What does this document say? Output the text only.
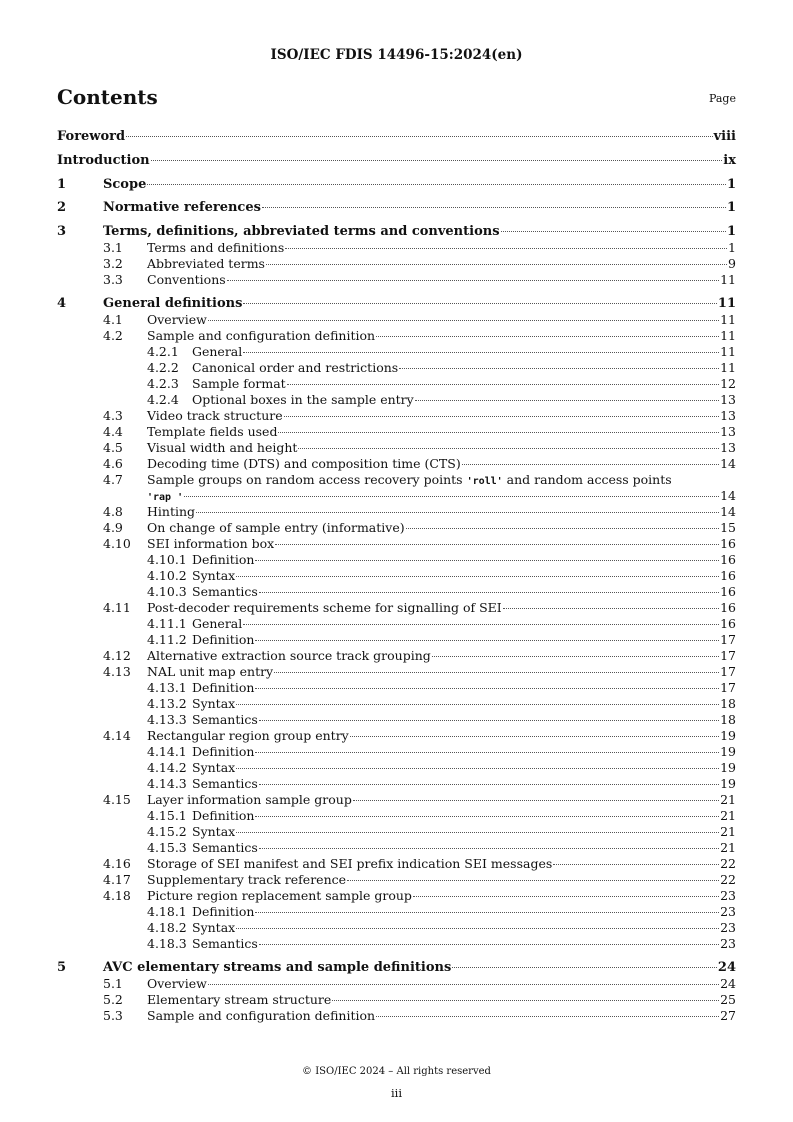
ISO/IEC FDIS 14496-15:2024(en)
Contents	Page
Foreword	viii
Introduction	ix
1	Scope	1
2	Normative references	1
3	Terms, definitions, abbreviated terms and conventions	1
3.1 Terms and definitions	1
3.2 Abbreviated terms	9
3.3 Conventions	11
4	General definitions	11
4.1 Overview	11
4.2 Sample and configuration definition	11
4.2.1 General	11
4.2.2 Canonical order and restrictions	11
4.2.3 Sample format	12
4.2.4 Optional boxes in the sample entry	13
4.3 Video track structure	13
4.4 Template fields used	13
4.5 Visual width and height	13
4.6 Decoding time (DTS) and composition time (CTS)	14
4.7 Sample groups on random access recovery points 'roll' and random access points
'rap '	14
4.8 Hinting	14
4.9 On change of sample entry (informative)	15
4.10 SEI information box	16
4.10.1 Definition	16
4.10.2 Syntax	16
4.10.3 Semantics	16
4.11 Post-decoder requirements scheme for signalling of SEI	16
4.11.1 General	16
4.11.2 Definition	17
4.12 Alternative extraction source track grouping	17
4.13 NAL unit map entry	17
4.13.1 Definition	17
4.13.2 Syntax	18
4.13.3 Semantics	18
4.14 Rectangular region group entry	19
4.14.1 Definition	19
4.14.2 Syntax	19
4.14.3 Semantics	19
4.15 Layer information sample group	21
4.15.1 Definition	21
4.15.2 Syntax	21
4.15.3 Semantics	21
4.16 Storage of SEI manifest and SEI prefix indication SEI messages	22
4.17 Supplementary track reference	22
4.18 Picture region replacement sample group	23
4.18.1 Definition	23
4.18.2 Syntax	23
4.18.3 Semantics	23
5	AVC elementary streams and sample definitions	24
5.1 Overview	24
5.2 Elementary stream structure	25
5.3 Sample and configuration definition	27
© ISO/IEC 2024 – All rights reserved
iii
